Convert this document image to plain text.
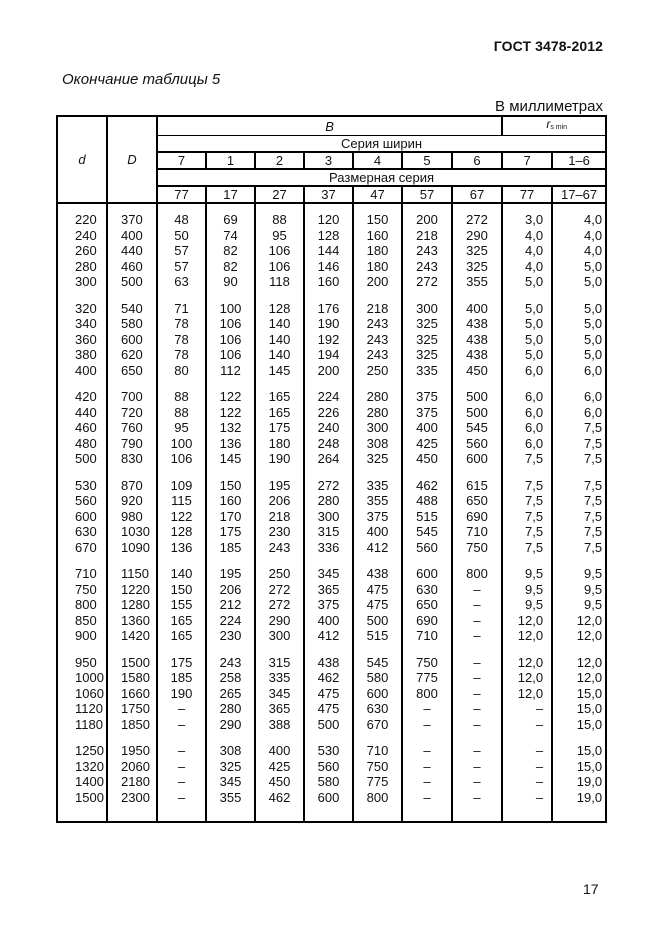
ГОСТ 3478-2012
Окончание таблицы 5
В миллиметрах
d	D	B							$r_{s min}$
		Серия ширин								
		7	1	2	3	4	5	6	7	1–6
		Размерная серия								
		77	17	27	37	47	57	67	77	17–67

220	370	48	69	88	120	150	200	272	3,0	4,0
240	400	50	74	95	128	160	218	290	4,0	4,0
260	440	57	82	106	144	180	243	325	4,0	4,0
280	460	57	82	106	146	180	243	325	4,0	5,0
300	500	63	90	118	160	200	272	355	5,0	5,0

320	540	71	100	128	176	218	300	400	5,0	5,0
340	580	78	106	140	190	243	325	438	5,0	5,0
360	600	78	106	140	192	243	325	438	5,0	5,0
380	620	78	106	140	194	243	325	438	5,0	5,0
400	650	80	112	145	200	250	335	450	6,0	6,0

420	700	88	122	165	224	280	375	500	6,0	6,0
440	720	88	122	165	226	280	375	500	6,0	6,0
460	760	95	132	175	240	300	400	545	6,0	7,5
480	790	100	136	180	248	308	425	560	6,0	7,5
500	830	106	145	190	264	325	450	600	7,5	7,5

530	870	109	150	195	272	335	462	615	7,5	7,5
560	920	115	160	206	280	355	488	650	7,5	7,5
600	980	122	170	218	300	375	515	690	7,5	7,5
630	1030	128	175	230	315	400	545	710	7,5	7,5
670	1090	136	185	243	336	412	560	750	7,5	7,5

710	1150	140	195	250	345	438	600	800	9,5	9,5
750	1220	150	206	272	365	475	630	–	9,5	9,5
800	1280	155	212	272	375	475	650	–	9,5	9,5
850	1360	165	224	290	400	500	690	–	12,0	12,0
900	1420	165	230	300	412	515	710	–	12,0	12,0

950	1500	175	243	315	438	545	750	–	12,0	12,0
1000	1580	185	258	335	462	580	775	–	12,0	12,0
1060	1660	190	265	345	475	600	800	–	12,0	15,0
1120	1750	–	280	365	475	630	–	–	–	15,0
1180	1850	–	290	388	500	670	–	–	–	15,0

1250	1950	–	308	400	530	710	–	–	–	15,0
1320	2060	–	325	425	560	750	–	–	–	15,0
1400	2180	–	345	450	580	775	–	–	–	19,0
1500	2300	–	355	462	600	800	–	–	–	19,0

17
